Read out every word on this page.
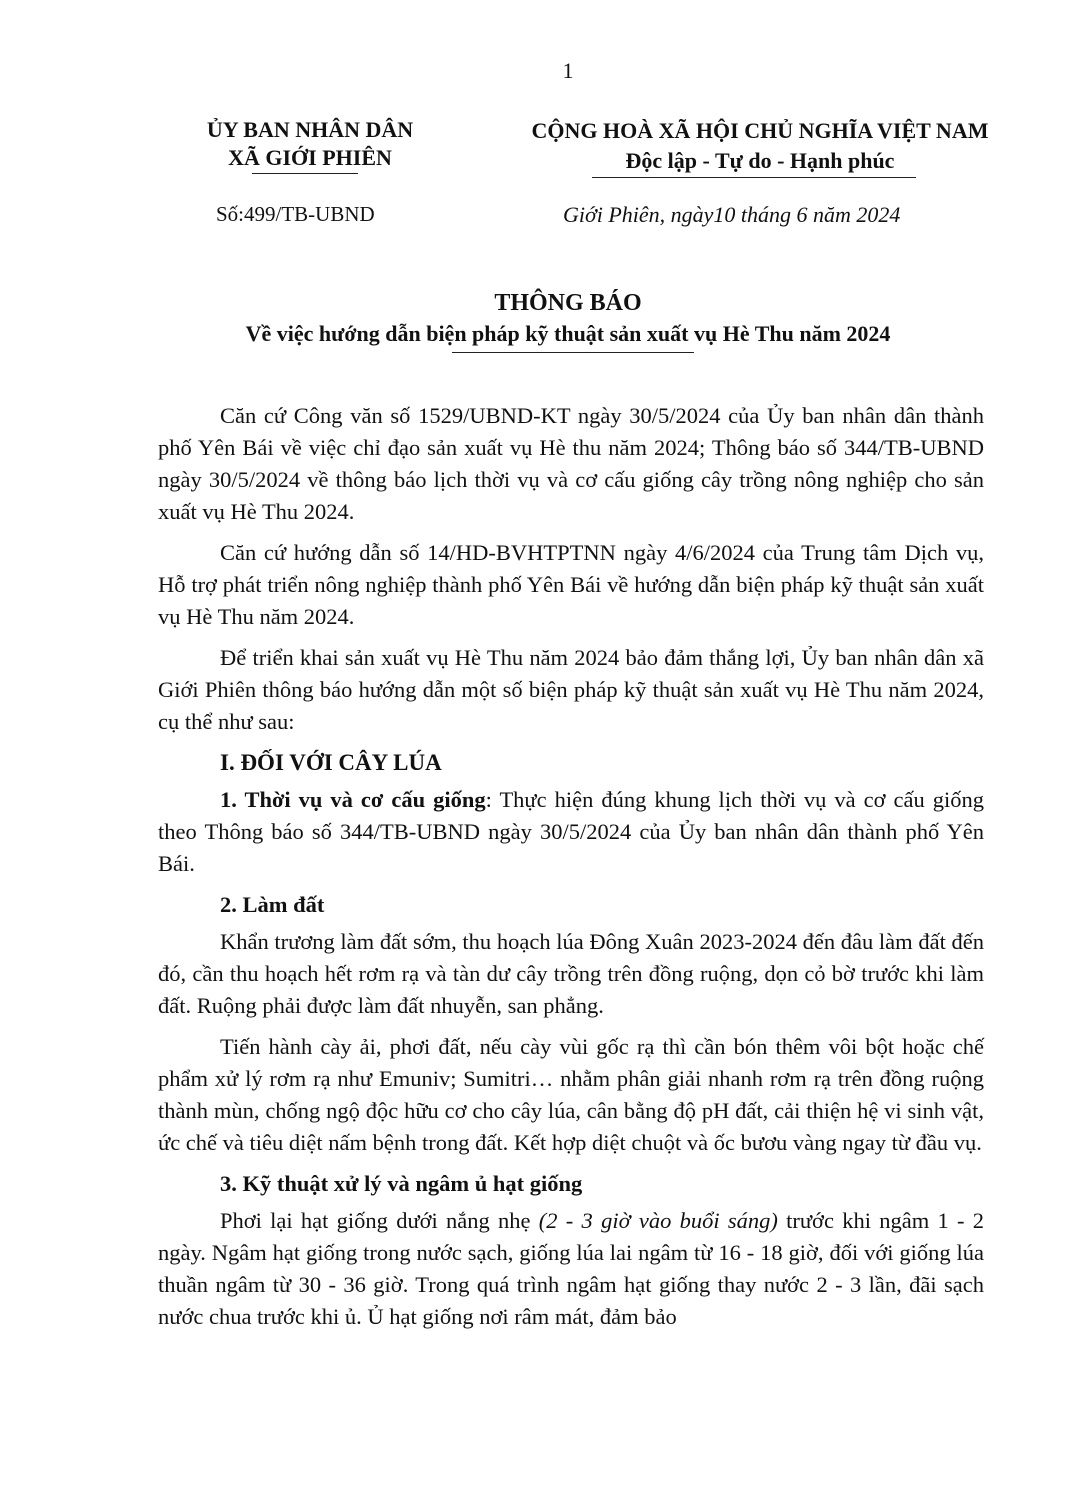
1
ỦY BAN NHÂN DÂN
XÃ GIỚI PHIÊN
CỘNG HOÀ XÃ HỘI CHỦ NGHĨA VIỆT NAM
Độc lập - Tự do - Hạnh phúc
Số:499/TB-UBND	Giới Phiên, ngày10 tháng 6 năm 2024
THÔNG BÁO
Về việc hướng dẫn biện pháp kỹ thuật sản xuất vụ Hè Thu năm 2024

Căn cứ Công văn số 1529/UBND-KT ngày 30/5/2024 của Ủy ban nhân dân thành phố Yên Bái về việc chỉ đạo sản xuất vụ Hè thu năm 2024; Thông báo số 344/TB-UBND ngày 30/5/2024 về thông báo lịch thời vụ và cơ cấu giống cây trồng nông nghiệp cho sản xuất vụ Hè Thu 2024.

Căn cứ hướng dẫn số 14/HD-BVHTPTNN ngày 4/6/2024 của Trung tâm Dịch vụ, Hỗ trợ phát triển nông nghiệp thành phố Yên Bái về hướng dẫn biện pháp kỹ thuật sản xuất vụ Hè Thu năm 2024.

Để triển khai sản xuất vụ Hè Thu năm 2024 bảo đảm thắng lợi, Ủy ban nhân dân xã Giới Phiên thông báo hướng dẫn một số biện pháp kỹ thuật sản xuất vụ Hè Thu năm 2024, cụ thể như sau:

I. ĐỐI VỚI CÂY LÚA

1. Thời vụ và cơ cấu giống: Thực hiện đúng khung lịch thời vụ và cơ cấu giống theo Thông báo số 344/TB-UBND ngày 30/5/2024 của Ủy ban nhân dân thành phố Yên Bái.

2. Làm đất

Khẩn trương làm đất sớm, thu hoạch lúa Đông Xuân 2023-2024 đến đâu làm đất đến đó, cần thu hoạch hết rơm rạ và tàn dư cây trồng trên đồng ruộng, dọn cỏ bờ trước khi làm đất. Ruộng phải được làm đất nhuyễn, san phẳng.

Tiến hành cày ải, phơi đất, nếu cày vùi gốc rạ thì cần bón thêm vôi bột hoặc chế phẩm xử lý rơm rạ như Emuniv; Sumitri… nhằm phân giải nhanh rơm rạ trên đồng ruộng thành mùn, chống ngộ độc hữu cơ cho cây lúa, cân bằng độ pH đất, cải thiện hệ vi sinh vật, ức chế và tiêu diệt nấm bệnh trong đất. Kết hợp diệt chuột và ốc bươu vàng ngay từ đầu vụ.

3. Kỹ thuật xử lý và ngâm ủ hạt giống

Phơi lại hạt giống dưới nắng nhẹ (2 - 3 giờ vào buổi sáng) trước khi ngâm 1 - 2 ngày. Ngâm hạt giống trong nước sạch, giống lúa lai ngâm từ 16 - 18 giờ, đối với giống lúa thuần ngâm từ 30 - 36 giờ. Trong quá trình ngâm hạt giống thay nước 2 - 3 lần, đãi sạch nước chua trước khi ủ. Ủ hạt giống nơi râm mát, đảm bảo
